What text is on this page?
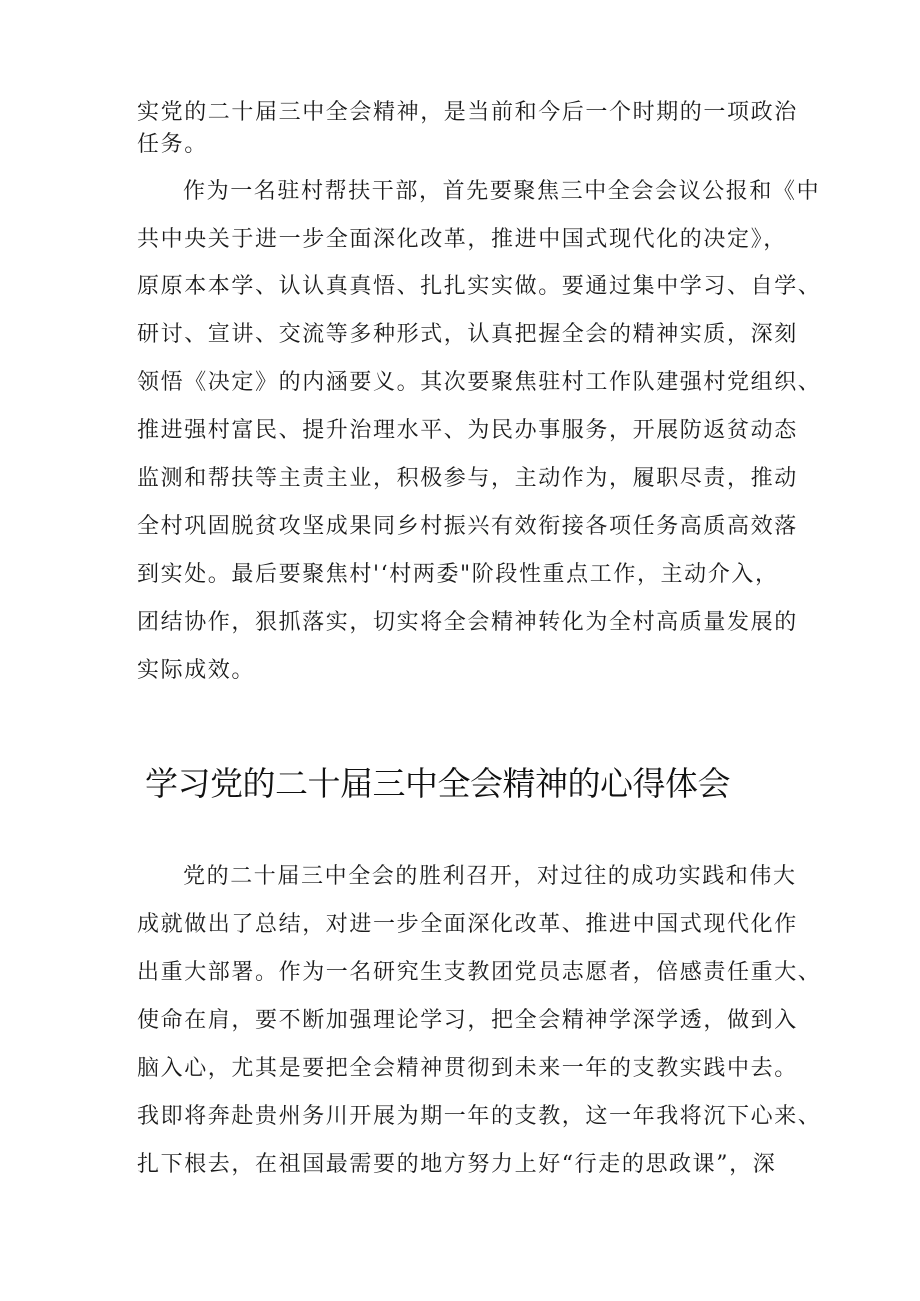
实党的二十届三中全会精神，是当前和今后一个时期的一项政治
任务。
作为一名驻村帮扶干部，首先要聚焦三中全会会议公报和《中
共中央关于进一步全面深化改革，推进中国式现代化的决定》，
原原本本学、认认真真悟、扎扎实实做。要通过集中学习、自学、
研讨、宣讲、交流等多种形式，认真把握全会的精神实质，深刻
领悟《决定》的内涵要义。其次要聚焦驻村工作队建强村党组织、
推进强村富民、提升治理水平、为民办事服务，开展防返贫动态
监测和帮扶等主责主业，积极参与，主动作为，履职尽责，推动
全村巩固脱贫攻坚成果同乡村振兴有效衔接各项任务高质高效落
到实处。最后要聚焦村'‘村两委"阶段性重点工作，主动介入，
团结协作，狠抓落实，切实将全会精神转化为全村高质量发展的
实际成效。
学习党的二十届三中全会精神的心得体会
党的二十届三中全会的胜利召开，对过往的成功实践和伟大
成就做出了总结，对进一步全面深化改革、推进中国式现代化作
出重大部署。作为一名研究生支教团党员志愿者，倍感责任重大、
使命在肩，要不断加强理论学习，把全会精神学深学透，做到入
脑入心，尤其是要把全会精神贯彻到未来一年的支教实践中去。
我即将奔赴贵州务川开展为期一年的支教，这一年我将沉下心来、
扎下根去，在祖国最需要的地方努力上好“行走的思政课”，深
